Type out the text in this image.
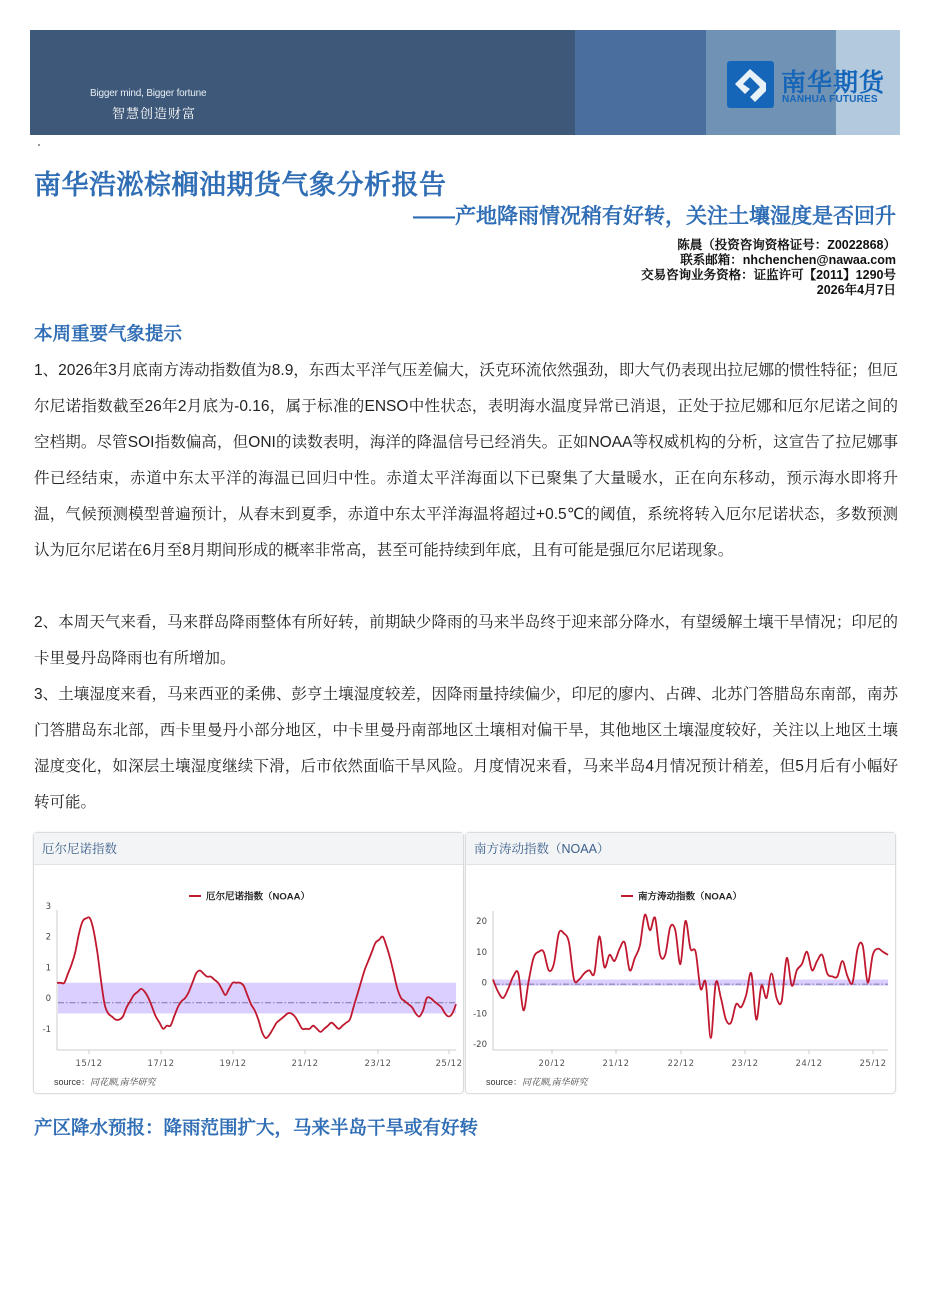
Bigger mind, Bigger fortune
智慧创造财富
南华期货
NANHUA FUTURES
南华浩淞棕榈油期货气象分析报告
——产地降雨情况稍有好转，关注土壤湿度是否回升
陈晨（投资咨询资格证号：Z0022868）
联系邮箱：nhchenchen@nawaa.com
交易咨询业务资格：证监许可【2011】1290号
2026年4月7日
本周重要气象提示
1、2026年3月底南方涛动指数值为8.9，东西太平洋气压差偏大，沃克环流依然强劲，即大气仍表现出拉尼娜的惯性特征；但厄尔尼诺指数截至26年2月底为-0.16，属于标准的ENSO中性状态，表明海水温度异常已消退，正处于拉尼娜和厄尔尼诺之间的空档期。尽管SOI指数偏高，但ONI的读数表明，海洋的降温信号已经消失。正如NOAA等权威机构的分析，这宣告了拉尼娜事件已经结束，赤道中东太平洋的海温已回归中性。赤道太平洋海面以下已聚集了大量暖水，正在向东移动，预示海水即将升温，气候预测模型普遍预计，从春末到夏季，赤道中东太平洋海温将超过+0.5℃的阈值，系统将转入厄尔尼诺状态，多数预测认为厄尔尼诺在6月至8月期间形成的概率非常高，甚至可能持续到年底，且有可能是强厄尔尼诺现象。
2、本周天气来看，马来群岛降雨整体有所好转，前期缺少降雨的马来半岛终于迎来部分降水，有望缓解土壤干旱情况；印尼的卡里曼丹岛降雨也有所增加。
3、土壤湿度来看，马来西亚的柔佛、彭亨土壤湿度较差，因降雨量持续偏少，印尼的廖内、占碑、北苏门答腊岛东南部，南苏门答腊岛东北部，西卡里曼丹小部分地区，中卡里曼丹南部地区土壤相对偏干旱，其他地区土壤湿度较好，关注以上地区土壤湿度变化，如深层土壤湿度继续下滑，后市依然面临干旱风险。月度情况来看，马来半岛4月情况预计稍差，但5月后有小幅好转可能。
厄尔尼诺指数
厄尔尼诺指数（NOAA）
3
2
1
0
-1
15/12	17/12	19/12	21/12	23/12	25/12
source：同花顺,南华研究
南方涛动指数（NOAA）
南方涛动指数（NOAA）
20
10
0
-10
-20
20/12	21/12	22/12	23/12	24/12	25/12
source：同花顺,南华研究
产区降水预报：降雨范围扩大，马来半岛干旱或有好转
